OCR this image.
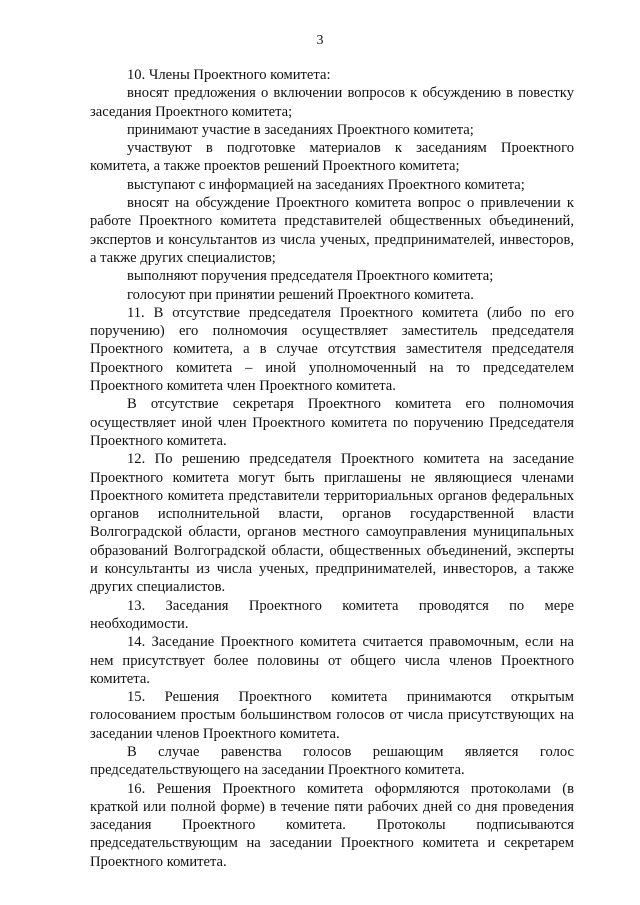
3

10. Члены Проектного комитета:

вносят предложения о включении вопросов к обсуждению в повестку заседания Проектного комитета;

принимают участие в заседаниях Проектного комитета;

участвуют в подготовке материалов к заседаниям Проектного комитета, а также проектов решений Проектного комитета;

выступают с информацией на заседаниях Проектного комитета;

вносят на обсуждение Проектного комитета вопрос о привлечении к работе Проектного комитета представителей общественных объединений, экспертов и консультантов из числа ученых, предпринимателей, инвесторов, а также других специалистов;

выполняют поручения председателя Проектного комитета;

голосуют при принятии решений Проектного комитета.

11. В отсутствие председателя Проектного комитета (либо по его поручению) его полномочия осуществляет заместитель председателя Проектного комитета, а в случае отсутствия заместителя председателя Проектного комитета – иной уполномоченный на то председателем Проектного комитета член Проектного комитета.

В отсутствие секретаря Проектного комитета его полномочия осуществляет иной член Проектного комитета по поручению Председателя Проектного комитета.

12. По решению председателя Проектного комитета на заседание Проектного комитета могут быть приглашены не являющиеся членами Проектного комитета представители территориальных органов федеральных органов исполнительной власти, органов государственной власти Волгоградской области, органов местного самоуправления муниципальных образований Волгоградской области, общественных объединений, эксперты и консультанты из числа ученых, предпринимателей, инвесторов, а также других специалистов.

13. Заседания Проектного комитета проводятся по мере необходимости.

14. Заседание Проектного комитета считается правомочным, если на нем присутствует более половины от общего числа членов Проектного комитета.

15. Решения Проектного комитета принимаются открытым голосованием простым большинством голосов от числа присутствующих на заседании членов Проектного комитета.

В случае равенства голосов решающим является голос председательствующего на заседании Проектного комитета.

16. Решения Проектного комитета оформляются протоколами (в краткой или полной форме) в течение пяти рабочих дней со дня проведения заседания Проектного комитета. Протоколы подписываются председательствующим на заседании Проектного комитета и секретарем Проектного комитета.
